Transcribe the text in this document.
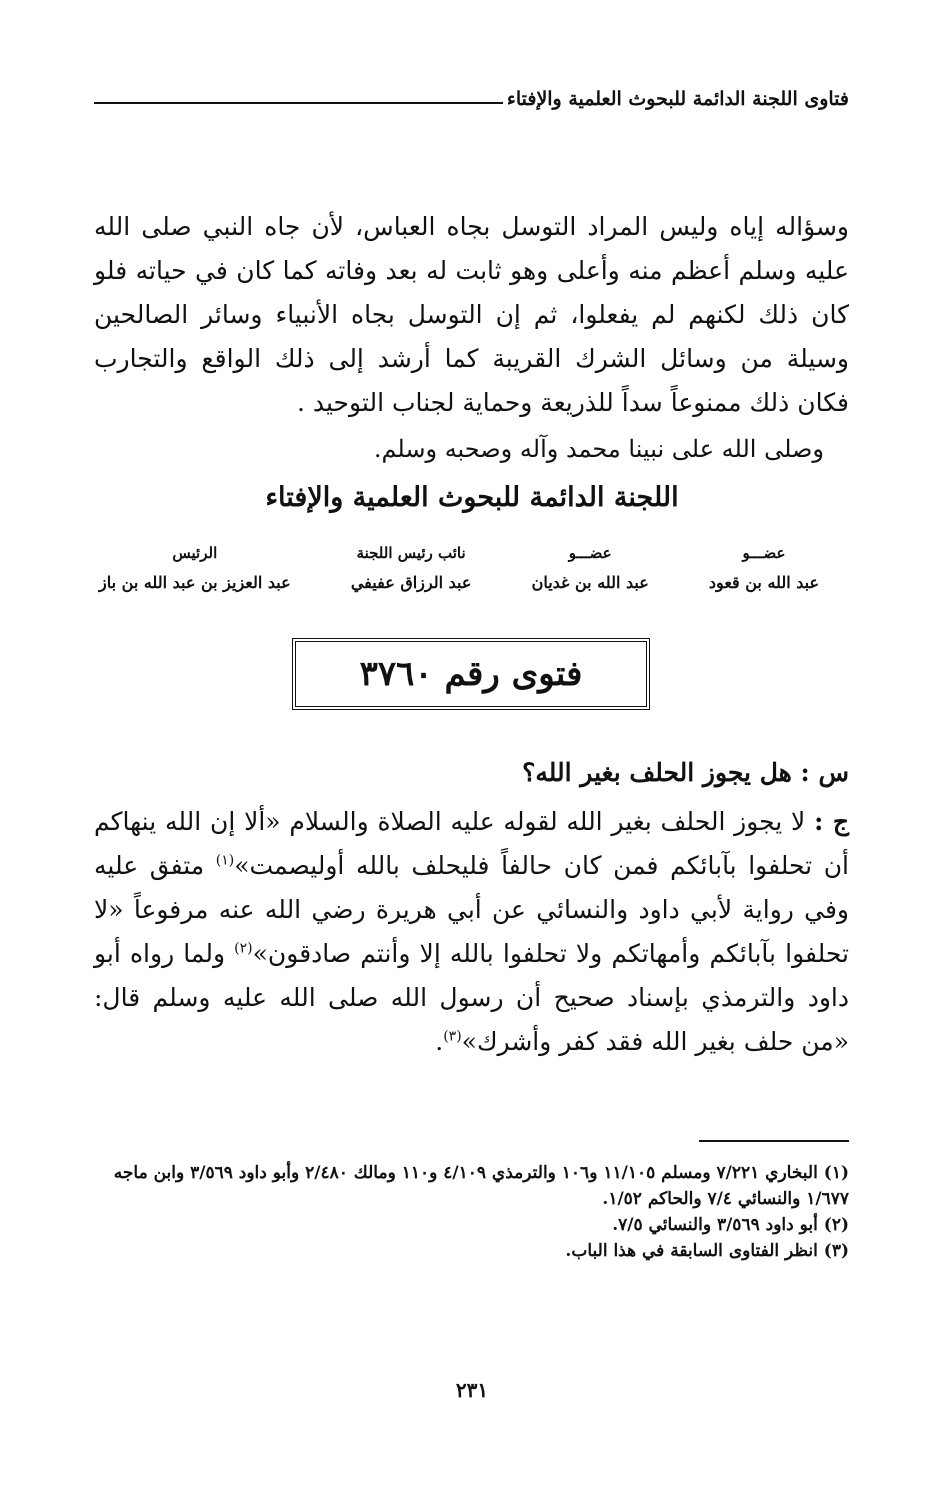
فتاوى اللجنة الدائمة للبحوث العلمية والإفتاء

وسؤاله إياه وليس المراد التوسل بجاه العباس، لأن جاه النبي صلى الله عليه وسلم أعظم منه وأعلى وهو ثابت له بعد وفاته كما كان في حياته فلو كان ذلك لكنهم لم يفعلوا، ثم إن التوسل بجاه الأنبياء وسائر الصالحين وسيلة من وسائل الشرك القريبة كما أرشد إلى ذلك الواقع والتجارب فكان ذلك ممنوعاً سداً للذريعة وحماية لجناب التوحيد .

وصلى الله على نبينا محمد وآله وصحبه وسلم.
اللجنة الدائمة للبحوث العلمية والإفتاء
عضـــو
عبد الله بن قعود
عضـــو
عبد الله بن غديان
نائب رئيس اللجنة
عبد الرزاق عفيفي
الرئيس
عبد العزيز بن عبد الله بن باز
فتوى رقم ٣٧٦٠
س : هل يجوز الحلف بغير الله؟

ج : لا يجوز الحلف بغير الله لقوله عليه الصلاة والسلام «ألا إن الله ينهاكم أن تحلفوا بآبائكم فمن كان حالفاً فليحلف بالله أوليصمت»$^{(١)}$ متفق عليه وفي رواية لأبي داود والنسائي عن أبي هريرة رضي الله عنه مرفوعاً «لا تحلفوا بآبائكم وأمهاتكم ولا تحلفوا بالله إلا وأنتم صادقون»$^{(٢)}$ ولما رواه أبو داود والترمذي بإسناد صحيح أن رسول الله صلى الله عليه وسلم قال: «من حلف بغير الله فقد كفر وأشرك»$^{(٣)}$.

(١) البخاري ٧/٢٢١ ومسلم ١١/١٠٥ و١٠٦ والترمذي ٤/١٠٩ و١١٠ ومالك ٢/٤٨٠ وأبو داود ٣/٥٦٩ وابن ماجه ١/٦٧٧ والنسائي ٧/٤ والحاكم ١/٥٢.

(٢) أبو داود ٣/٥٦٩ والنسائي ٧/٥.

(٣) انظر الفتاوى السابقة في هذا الباب.

٢٣١
